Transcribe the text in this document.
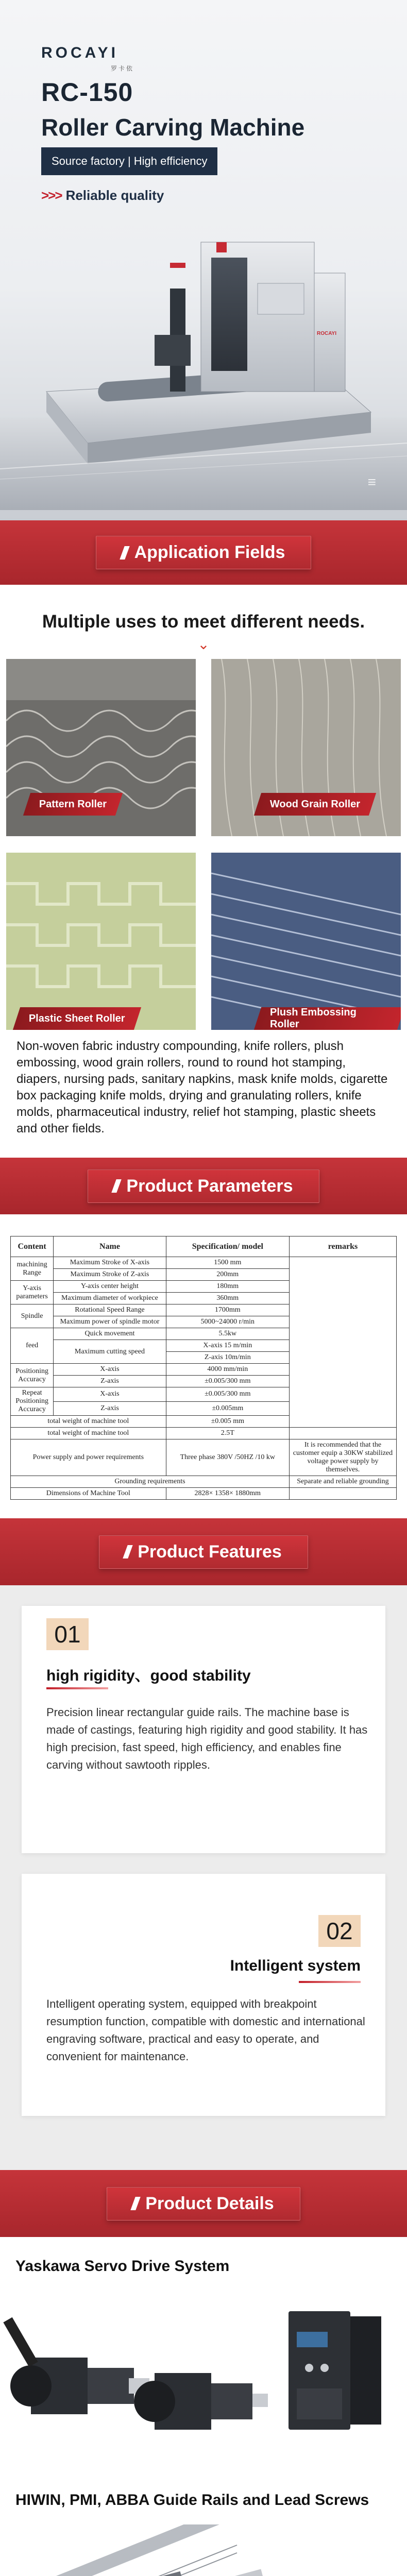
ROCAYI
罗卡依
RC-150
Roller Carving Machine
Source factory | High efficiency
>>> Reliable quality
ROCAYI
≡
Application Fields
Multiple uses to meet different needs.
⌄
Pattern Roller	Wood Grain Roller
Plastic Sheet Roller
Plush Embossing Roller

Non-woven fabric industry compounding, knife rollers, plush embossing, wood grain rollers, round to round hot stamping, diapers, nursing pads, sanitary napkins, mask knife molds, cigarette box packaging knife molds, drying and granulating rollers, knife molds, pharmaceutical industry, relief hot stamping, plastic sheets and other fields.

Product Parameters
Content	Name	Specification/ model	remarks
machining Range	Maximum Stroke of X-axis	1500 mm	
	Maximum Stroke of Z-axis	200mm	
Y-axis parameters	Y-axis center height	180mm	
	Maximum diameter of workpiece	360mm	
Spindle	Rotational Speed Range	1700mm	
	Maximum power of spindle motor	5000~24000 r/min	
feed	Quick movement	5.5kw	
	Maximum cutting speed	X-axis 15 m/min	
		Z-axis 10m/min	
Positioning Accuracy	X-axis	4000 mm/min	
	Z-axis	±0.005/300 mm	
Repeat Positioning Accuracy	X-axis	±0.005/300 mm	
	Z-axis	±0.005mm	
total weight of machine tool		±0.005 mm	
total weight of machine tool		2.5T	
Power supply and power requirements		Three phase 380V /50HZ /10 kw	It is recommended that the customer equip a 30KW stabilized voltage power supply by themselves.
Grounding requirements			Separate and reliable grounding
Dimensions of Machine Tool		2828× 1358× 1880mm	
Product Features
01
high rigidity、good stability

Precision linear rectangular guide rails. The machine base is made of castings, featuring high rigidity and good stability. It has high precision, fast speed, high efficiency, and enables fine carving without sawtooth ripples.

02
Intelligent system

Intelligent operating system, equipped with breakpoint resumption function, compatible with domestic and international engraving software, practical and easy to operate, and convenient for maintenance.

Product Details
Yaskawa Servo Drive System
HIWIN, PMI, ABBA Guide Rails and Lead Screws
